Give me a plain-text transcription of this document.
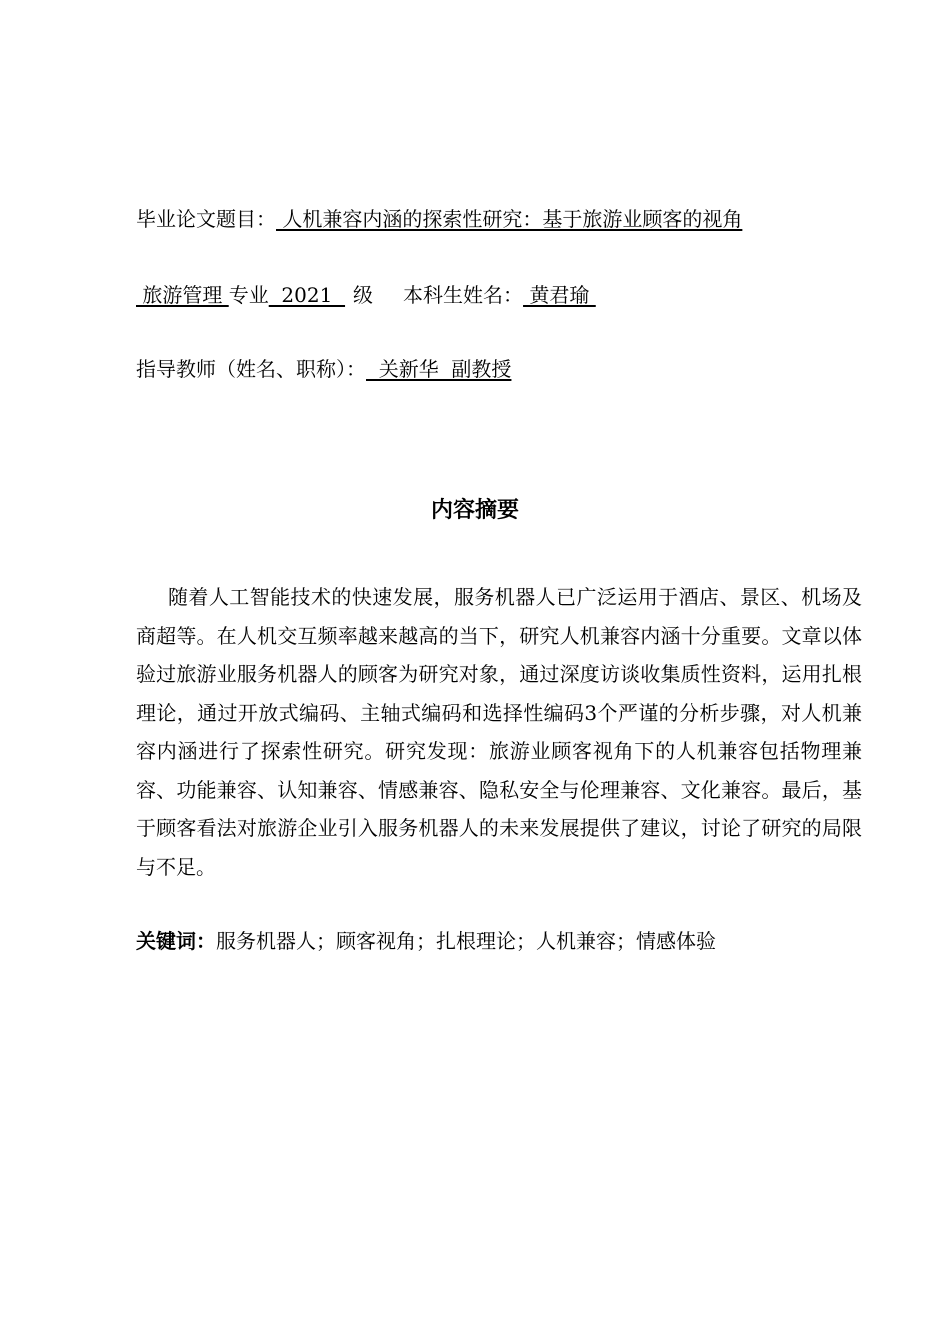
毕业论文题目： 人机兼容内涵的探索性研究：基于旅游业顾客的视角
旅游管理 专业  2021  级 本科生姓名： 黄君瑜
指导教师（姓名、职称）：  关新华  副教授
内容摘要
随着人工智能技术的快速发展，服务机器人已广泛运用于酒店、景区、机场及商超等。在人机交互频率越来越高的当下，研究人机兼容内涵十分重要。文章以体验过旅游业服务机器人的顾客为研究对象，通过深度访谈收集质性资料，运用扎根理论，通过开放式编码、主轴式编码和选择性编码3个严谨的分析步骤，对人机兼容内涵进行了探索性研究。研究发现：旅游业顾客视角下的人机兼容包括物理兼容、功能兼容、认知兼容、情感兼容、隐私安全与伦理兼容、文化兼容。最后，基于顾客看法对旅游企业引入服务机器人的未来发展提供了建议，讨论了研究的局限与不足。
关键词：服务机器人；顾客视角；扎根理论；人机兼容；情感体验
